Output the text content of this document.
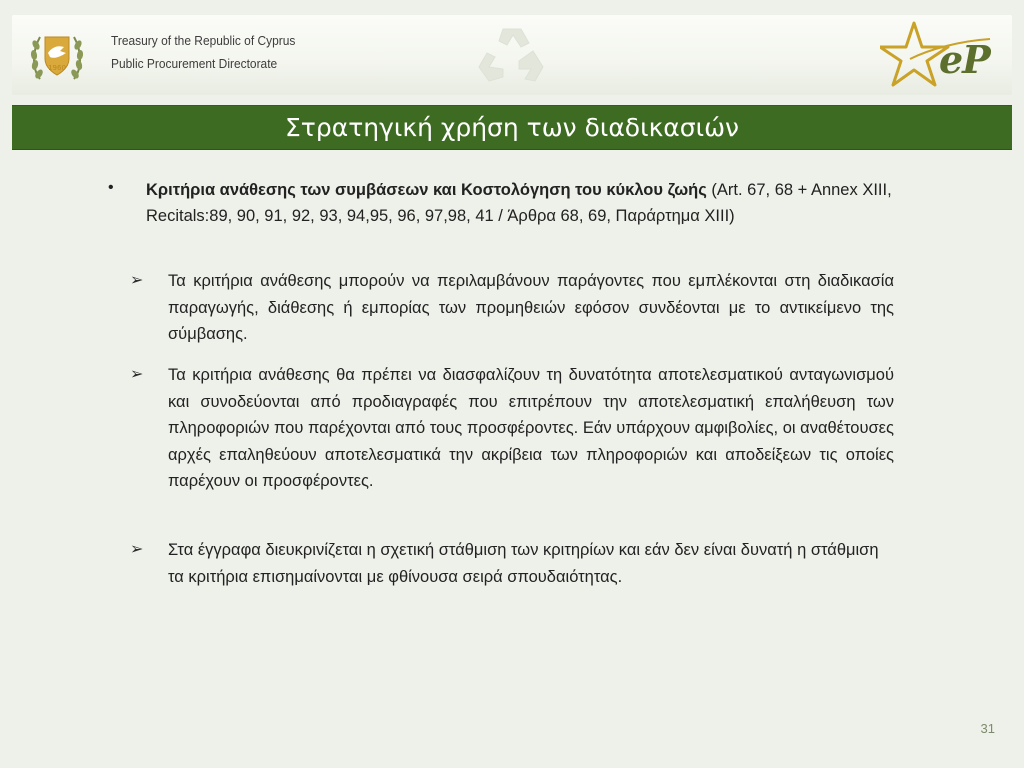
1960
Treasury of the Republic of Cyprus
Public Procurement Directorate	eP
Στρατηγική χρήση των διαδικασιών
• Κριτήρια ανάθεσης των συμβάσεων και Κοστολόγηση του κύκλου ζωής (Art. 67, 68 + Annex XIII, Recitals:89, 90, 91, 92, 93, 94,95, 96, 97,98, 41 / Άρθρα 68, 69, Παράρτημα XIII)
➢ Τα κριτήρια ανάθεσης μπορούν να περιλαμβάνουν παράγοντες που εμπλέκονται στη διαδικασία παραγωγής, διάθεσης ή εμπορίας των προμηθειών εφόσον συνδέονται με το αντικείμενο της σύμβασης.
➢ Τα κριτήρια ανάθεσης θα πρέπει να διασφαλίζουν τη δυνατότητα αποτελεσματικού ανταγωνισμού και συνοδεύονται από προδιαγραφές που επιτρέπουν την αποτελεσματική επαλήθευση των πληροφοριών που παρέχονται από τους προσφέροντες. Εάν υπάρχουν αμφιβολίες, οι αναθέτουσες αρχές επαληθεύουν αποτελεσματικά την ακρίβεια των πληροφοριών και αποδείξεων τις οποίες παρέχουν οι προσφέροντες.
➢ Στα έγγραφα διευκρινίζεται η σχετική στάθμιση των κριτηρίων και εάν δεν είναι δυνατή η στάθμιση τα κριτήρια επισημαίνονται με φθίνουσα σειρά σπουδαιότητας.
31
